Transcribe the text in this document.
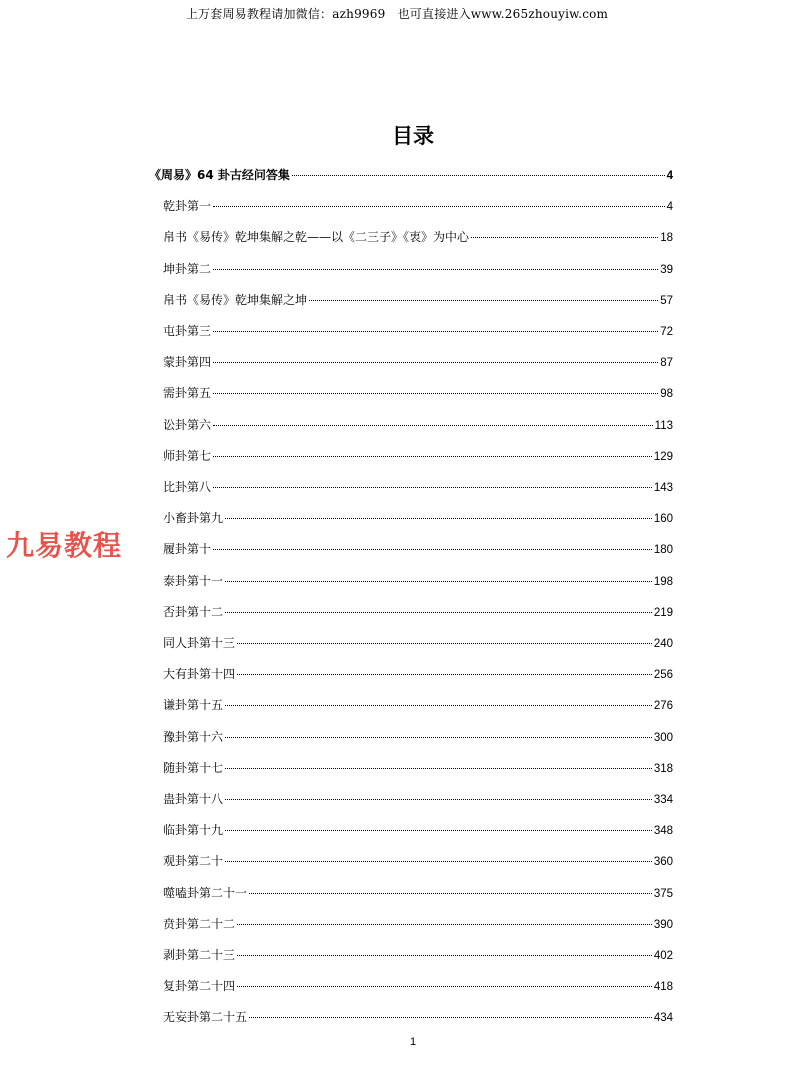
上万套周易教程请加微信：azh9969　也可直接进入www.265zhouyiw.com
目录
九易教程
《周易》64 卦古经问答集	4
乾卦第一	4
帛书《易传》乾坤集解之乾——以《二三子》《衷》为中心	18
坤卦第二	39
帛书《易传》乾坤集解之坤	57
屯卦第三	72
蒙卦第四	87
需卦第五	98
讼卦第六	113
师卦第七	129
比卦第八	143
小畜卦第九	160
履卦第十	180
泰卦第十一	198
否卦第十二	219
同人卦第十三	240
大有卦第十四	256
谦卦第十五	276
豫卦第十六	300
随卦第十七	318
蛊卦第十八	334
临卦第十九	348
观卦第二十	360
噬嗑卦第二十一	375
贲卦第二十二	390
剥卦第二十三	402
复卦第二十四	418
无妄卦第二十五	434
1
